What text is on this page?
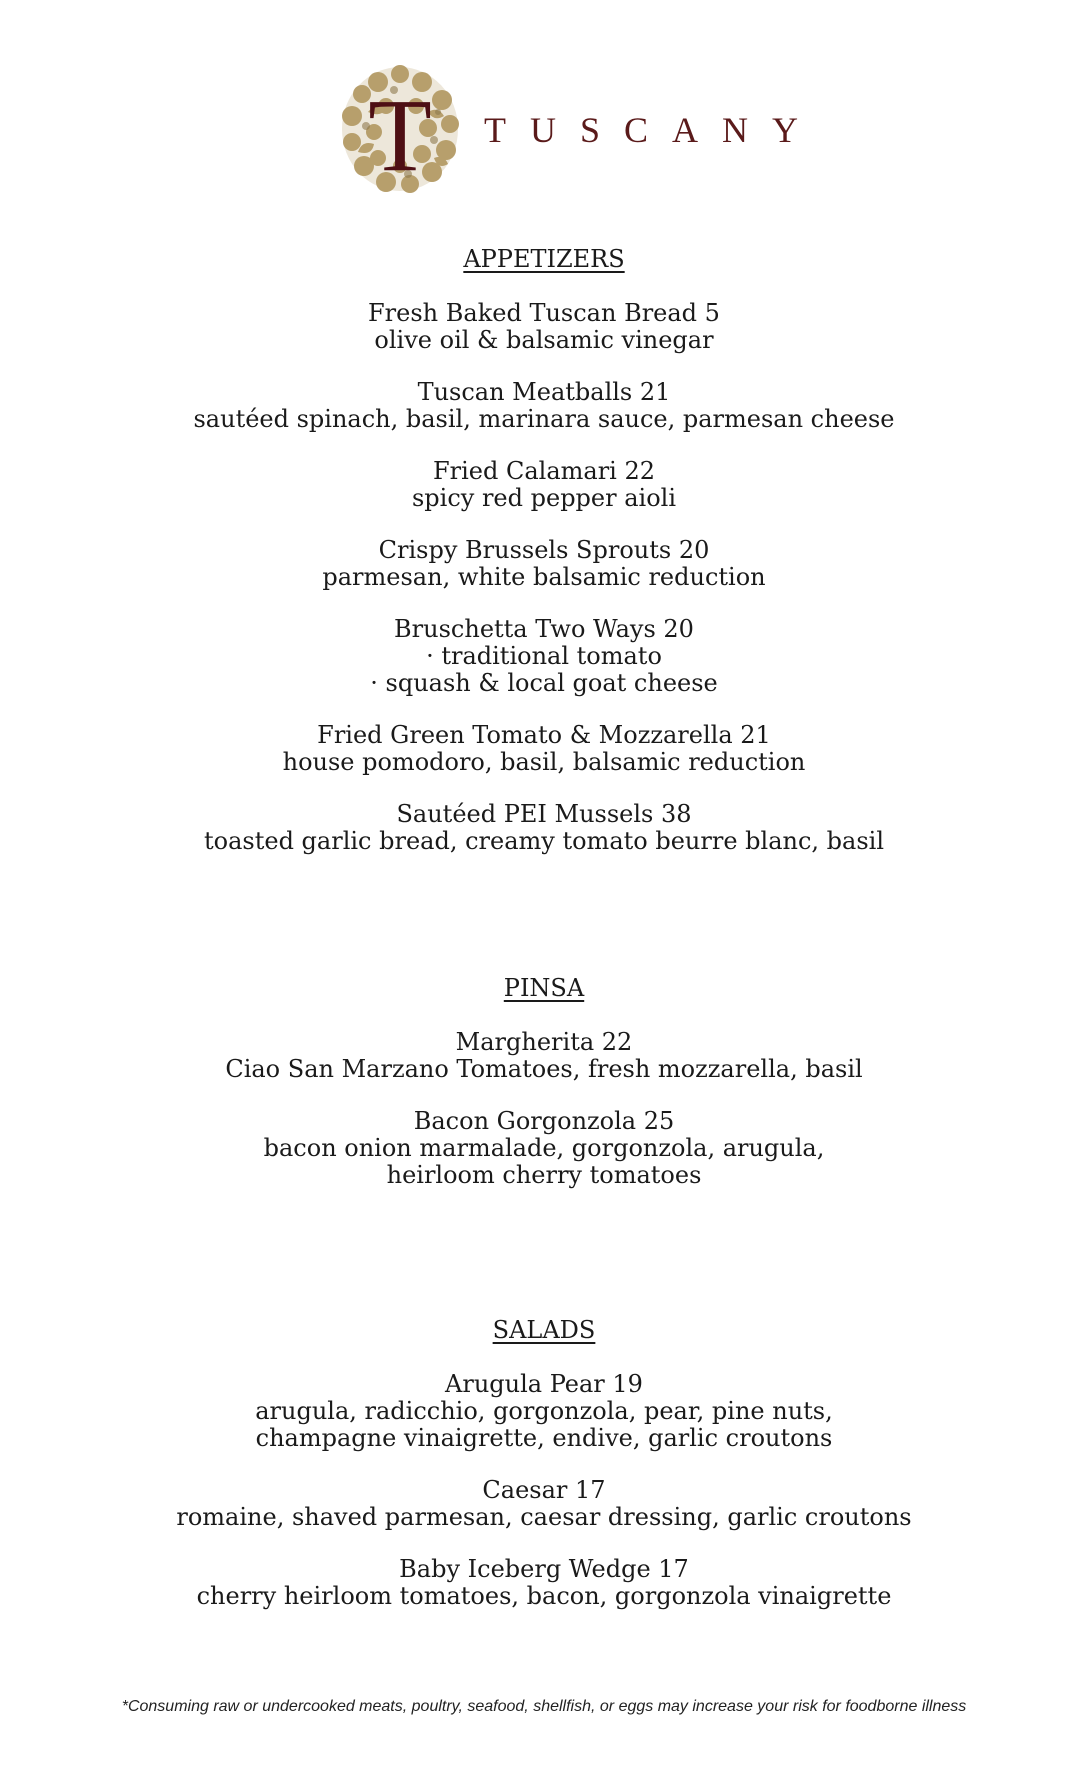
T TUSCANY
APPETIZERS
Fresh Baked Tuscan Bread 5
olive oil & balsamic vinegar
Tuscan Meatballs 21
sautéed spinach, basil, marinara sauce, parmesan cheese
Fried Calamari 22
spicy red pepper aioli
Crispy Brussels Sprouts 20
parmesan, white balsamic reduction
Bruschetta Two Ways 20
· traditional tomato
· squash & local goat cheese
Fried Green Tomato & Mozzarella 21
house pomodoro, basil, balsamic reduction
Sautéed PEI Mussels 38
toasted garlic bread, creamy tomato beurre blanc, basil
PINSA
Margherita 22
Ciao San Marzano Tomatoes, fresh mozzarella, basil
Bacon Gorgonzola 25
bacon onion marmalade, gorgonzola, arugula,
heirloom cherry tomatoes
SALADS
Arugula Pear 19
arugula, radicchio, gorgonzola, pear, pine nuts,
champagne vinaigrette, endive, garlic croutons
Caesar 17
romaine, shaved parmesan, caesar dressing, garlic croutons
Baby Iceberg Wedge 17
cherry heirloom tomatoes, bacon, gorgonzola vinaigrette
*Consuming raw or undercooked meats, poultry, seafood, shellfish, or eggs may increase your risk for foodborne illness
